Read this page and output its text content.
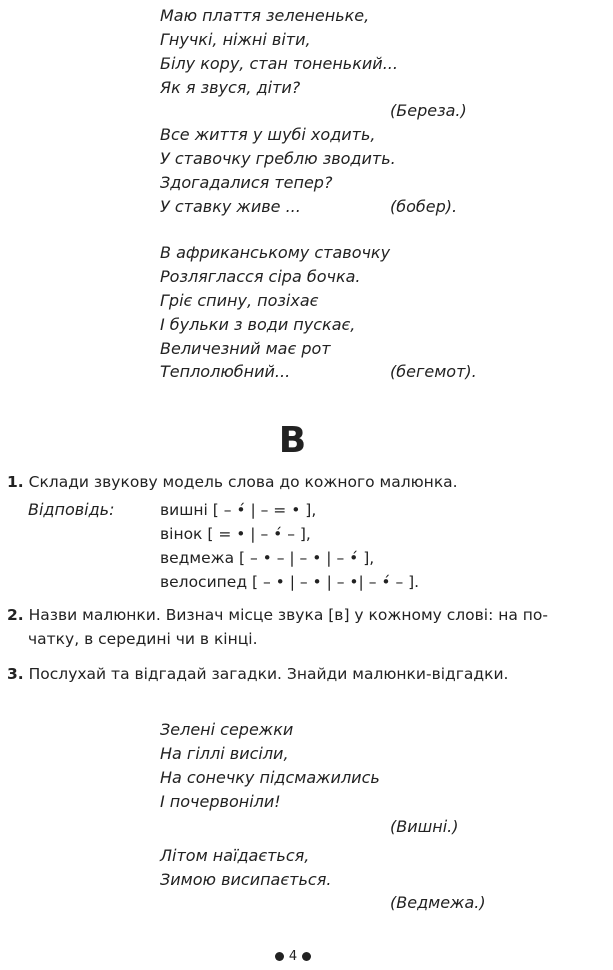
Маю плаття зелененьке,
Гнучкі, ніжні віти,
Білу кору, стан тоненький...
Як я звуся, діти?
(Береза.)
Все життя у шубі ходить,
У ставочку греблю зводить.
Здогадалися тепер?
У ставку живе ...	(бобер).
В африканському ставочку
Розлягласся сіра бочка.
Гріє спину, позіхає
І бульки з води пускає,
Величезний має рот
Теплолюбний...	(бегемот).
В
1. Склади звукову модель слова до кожного малюнка.
Відповідь:	вишні [ – •́ | – = • ],
вінок [ = • | – •́ – ],
ведмежа [ – • – | – • | – •́ ],
велосипед [ – • | – • | – •| – •́ – ].
2. Назви малюнки. Визнач місце звука [в] у кожному слові: на по-
чатку, в середині чи в кінці.
3. Послухай та відгадай загадки. Знайди малюнки-відгадки.
Зелені сережки
На гіллі висіли,
На сонечку підсмажились
І почервоніли!
(Вишні.)
Літом наїдається,
Зимою висипається.
(Ведмежа.)
4
